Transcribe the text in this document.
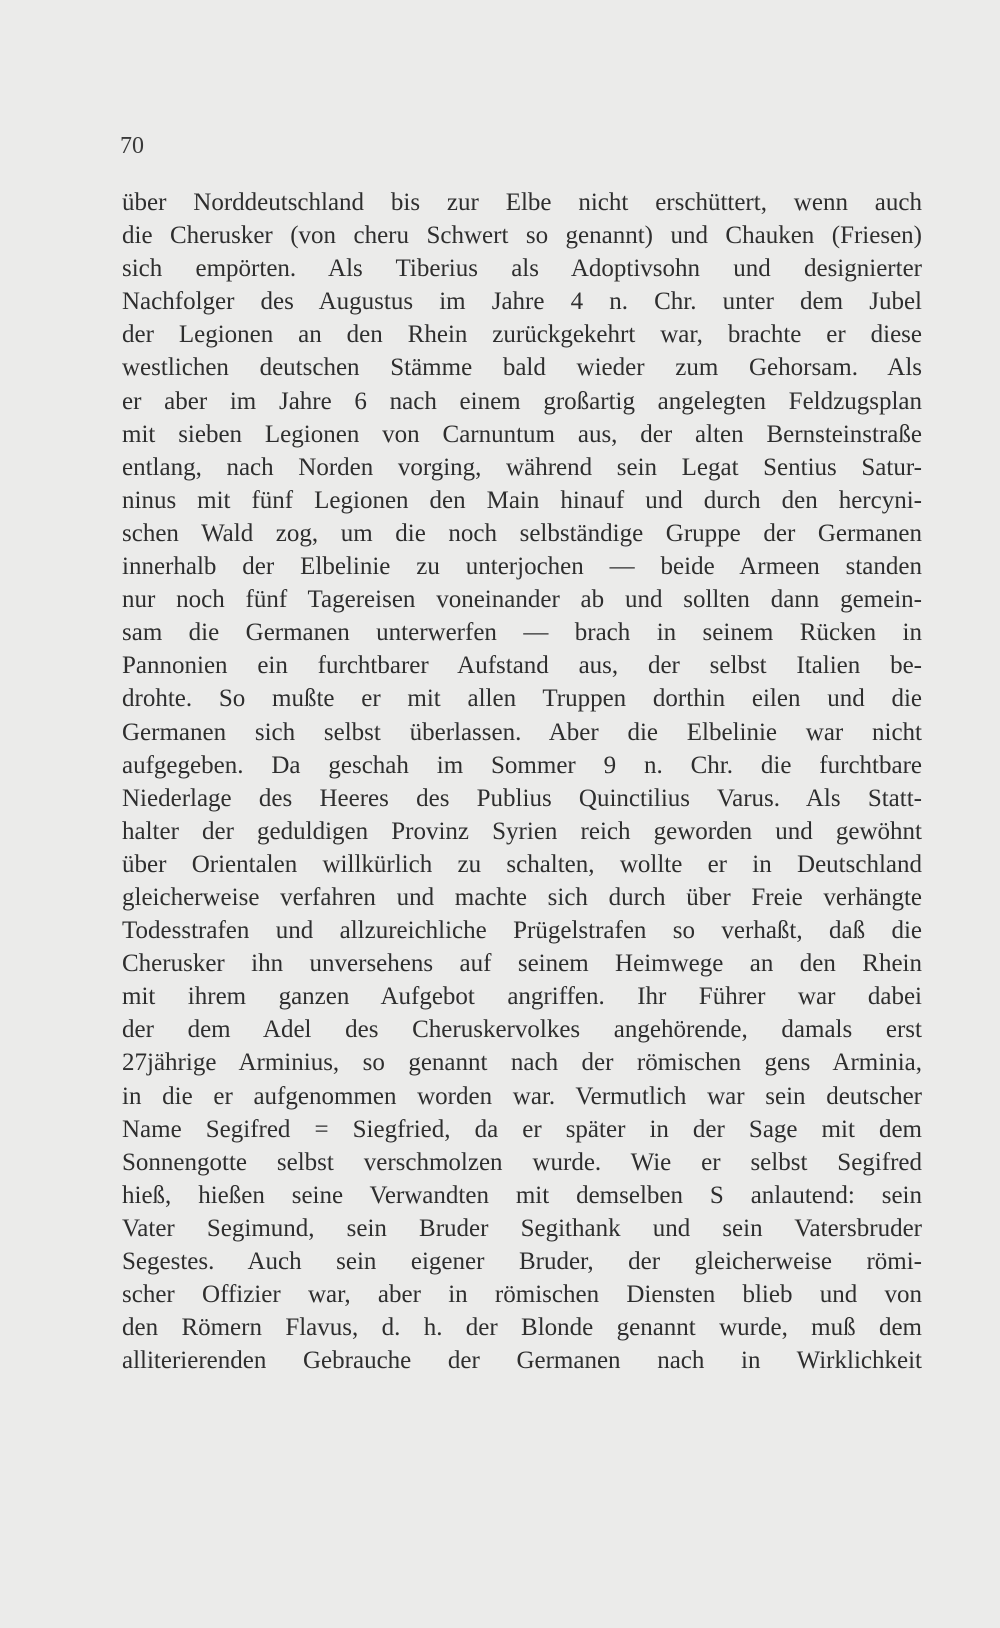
70
über Norddeutschland bis zur Elbe nicht erschüttert, wenn auch
die Cherusker (von cheru Schwert so genannt) und Chauken (Friesen)
sich empörten. Als Tiberius als Adoptivsohn und designierter
Nachfolger des Augustus im Jahre 4 n. Chr. unter dem Jubel
der Legionen an den Rhein zurückgekehrt war, brachte er diese
westlichen deutschen Stämme bald wieder zum Gehorsam. Als
er aber im Jahre 6 nach einem großartig angelegten Feldzugsplan
mit sieben Legionen von Carnuntum aus, der alten Bernsteinstraße
entlang, nach Norden vorging, während sein Legat Sentius Satur-
ninus mit fünf Legionen den Main hinauf und durch den hercyni-
schen Wald zog, um die noch selbständige Gruppe der Germanen
innerhalb der Elbelinie zu unterjochen — beide Armeen standen
nur noch fünf Tagereisen voneinander ab und sollten dann gemein-
sam die Germanen unterwerfen — brach in seinem Rücken in
Pannonien ein furchtbarer Aufstand aus, der selbst Italien be-
drohte. So mußte er mit allen Truppen dorthin eilen und die
Germanen sich selbst überlassen. Aber die Elbelinie war nicht
aufgegeben. Da geschah im Sommer 9 n. Chr. die furchtbare
Niederlage des Heeres des Publius Quinctilius Varus. Als Statt-
halter der geduldigen Provinz Syrien reich geworden und gewöhnt
über Orientalen willkürlich zu schalten, wollte er in Deutschland
gleicherweise verfahren und machte sich durch über Freie verhängte
Todesstrafen und allzureichliche Prügelstrafen so verhaßt, daß die
Cherusker ihn unversehens auf seinem Heimwege an den Rhein
mit ihrem ganzen Aufgebot angriffen. Ihr Führer war dabei
der dem Adel des Cheruskervolkes angehörende, damals erst
27jährige Arminius, so genannt nach der römischen gens Arminia,
in die er aufgenommen worden war. Vermutlich war sein deutscher
Name Segifred = Siegfried, da er später in der Sage mit dem
Sonnengotte selbst verschmolzen wurde. Wie er selbst Segifred
hieß, hießen seine Verwandten mit demselben S anlautend: sein
Vater Segimund, sein Bruder Segithank und sein Vatersbruder
Segestes. Auch sein eigener Bruder, der gleicherweise römi-
scher Offizier war, aber in römischen Diensten blieb und von
den Römern Flavus, d. h. der Blonde genannt wurde, muß dem
alliterierenden Gebrauche der Germanen nach in Wirklichkeit
